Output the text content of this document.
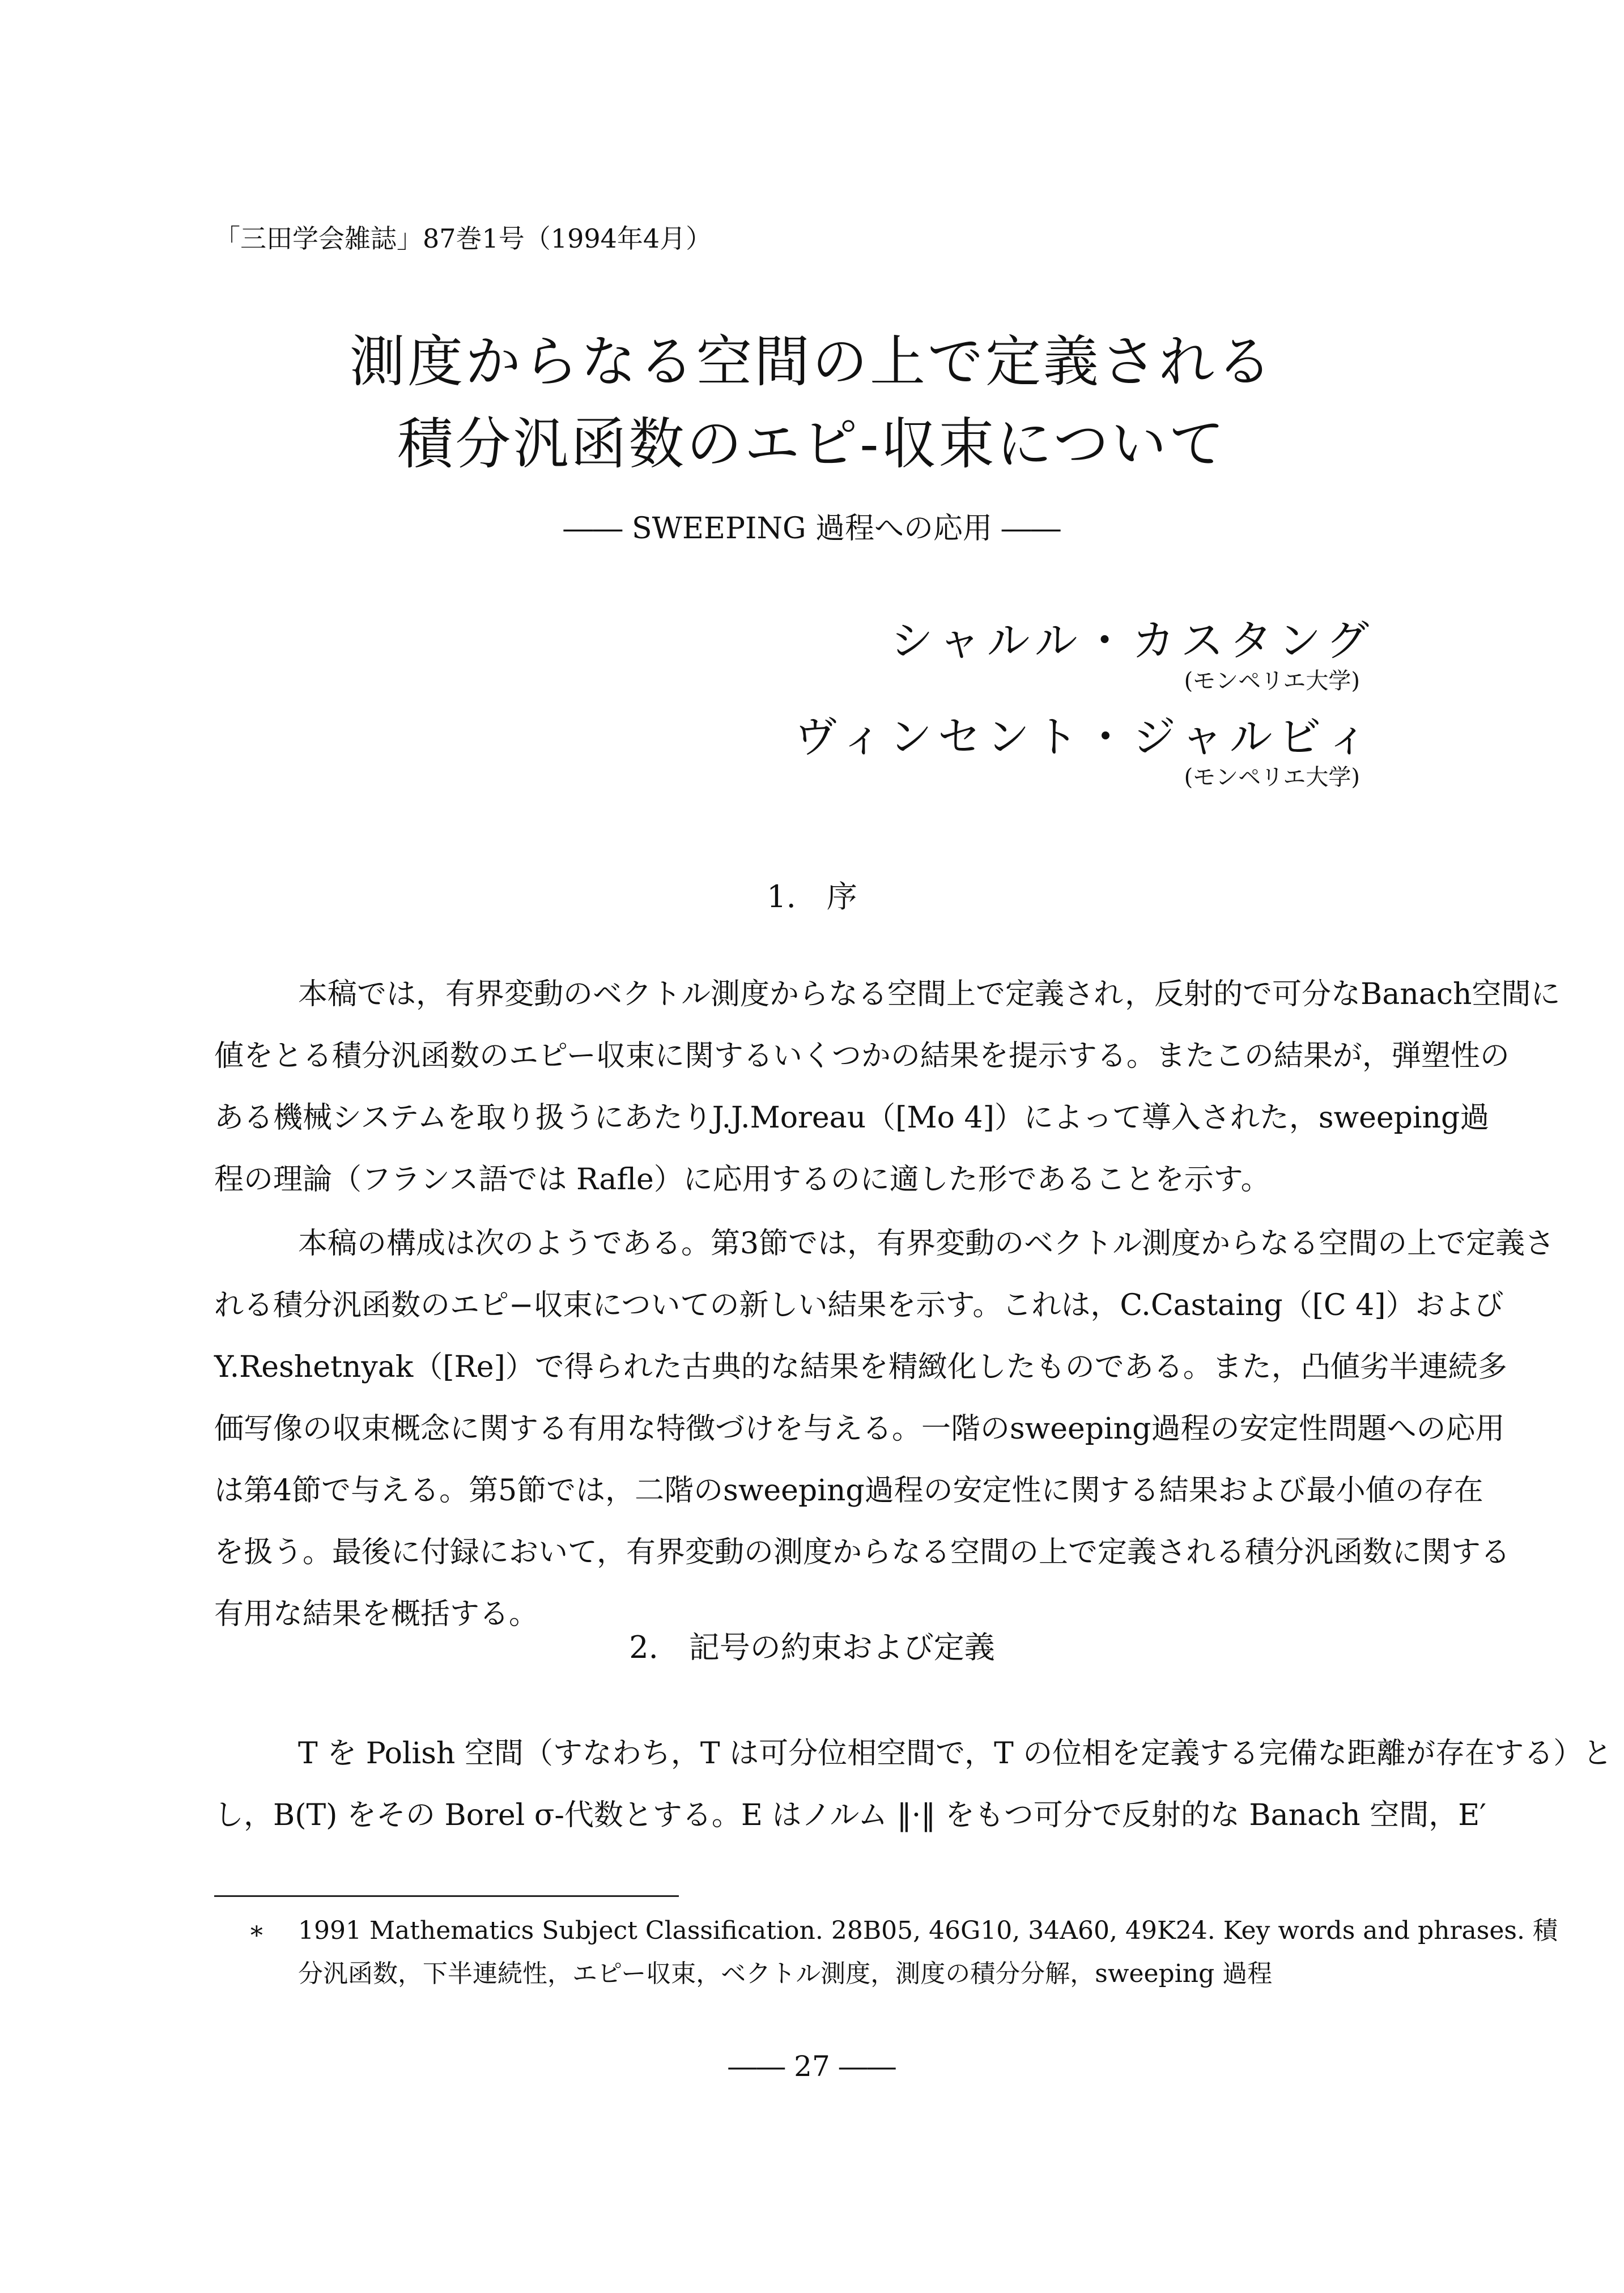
「三田学会雑誌」87巻1号（1994年4月）
測度からなる空間の上で定義される
積分汎函数のエピ-収束について
―― SWEEPING 過程への応用 ――
シャルル・カスタング
(モンペリエ大学)
ヴィンセント・ジャルビィ
(モンペリエ大学)
1.　序
本稿では，有界変動のベクトル測度からなる空間上で定義され，反射的で可分なBanach空間に
値をとる積分汎函数のエピー収束に関するいくつかの結果を提示する。またこの結果が，弾塑性の
ある機械システムを取り扱うにあたりJ.J.Moreau（[Mo 4]）によって導入された，sweeping過
程の理論（フランス語では Rafle）に応用するのに適した形であることを示す。
本稿の構成は次のようである。第3節では，有界変動のベクトル測度からなる空間の上で定義さ
れる積分汎函数のエピ−収束についての新しい結果を示す。これは，C.Castaing（[C 4]）および
Y.Reshetnyak（[Re]）で得られた古典的な結果を精緻化したものである。また，凸値劣半連続多
価写像の収束概念に関する有用な特徴づけを与える。一階のsweeping過程の安定性問題への応用
は第4節で与える。第5節では，二階のsweeping過程の安定性に関する結果および最小値の存在
を扱う。最後に付録において，有界変動の測度からなる空間の上で定義される積分汎函数に関する
有用な結果を概括する。
2.　記号の約束および定義
T を Polish 空間（すなわち，T は可分位相空間で，T の位相を定義する完備な距離が存在する）と
し，B(T) をその Borel σ-代数とする。E はノルム ‖·‖ をもつ可分で反射的な Banach 空間，E′
∗ 1991 Mathematics Subject Classification. 28B05, 46G10, 34A60, 49K24. Key words and phrases. 積
分汎函数，下半連続性，エピー収束，ベクトル測度，測度の積分分解，sweeping 過程
―― 27 ――
